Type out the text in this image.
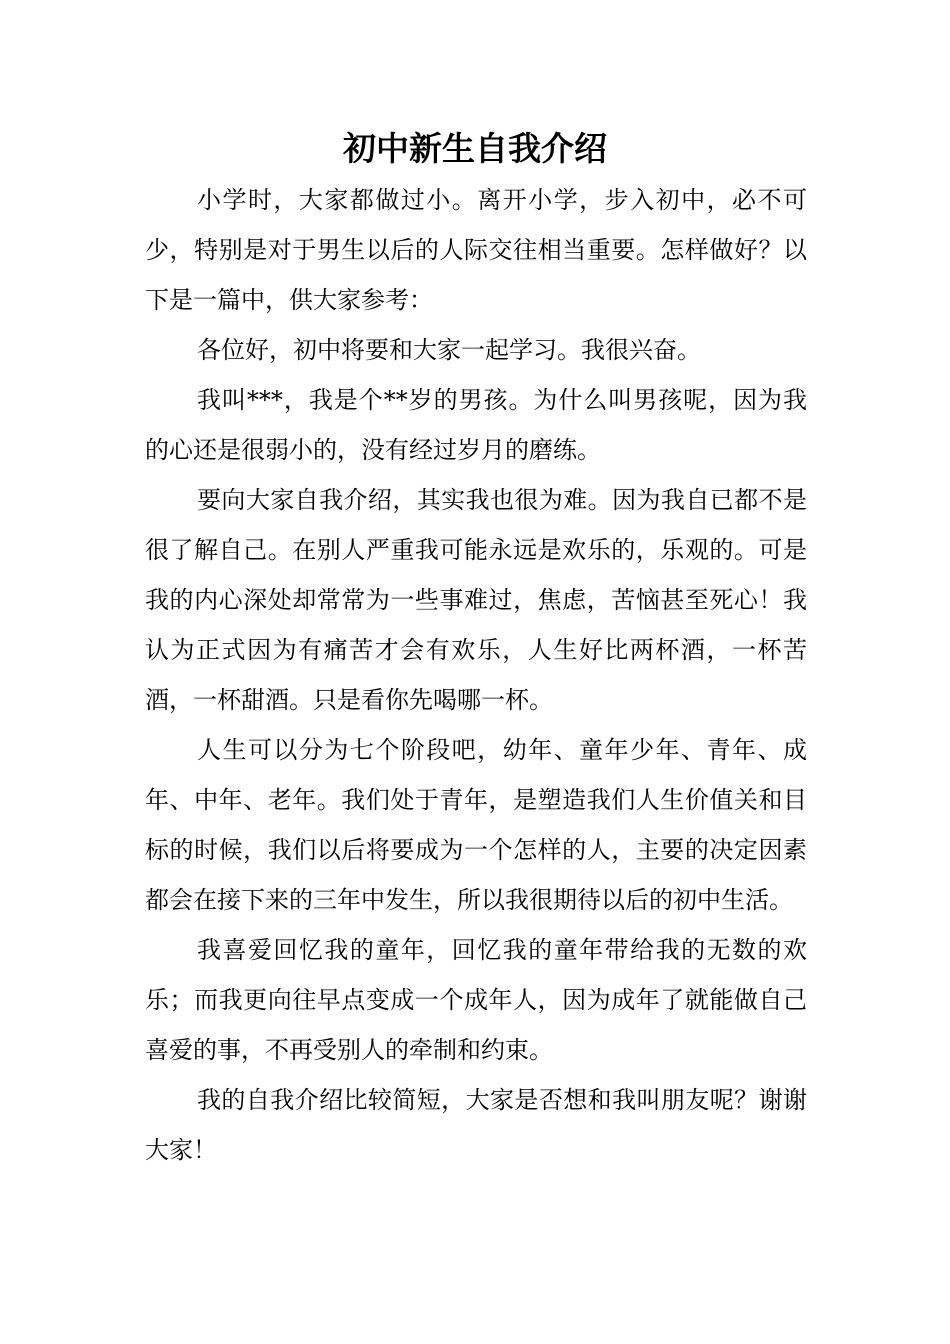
初中新生自我介绍

小学时，大家都做过小。离开小学，步入初中，必不可少，特别是对于男生以后的人际交往相当重要。怎样做好？以下是一篇中，供大家参考：

各位好，初中将要和大家一起学习。我很兴奋。

我叫***，我是个**岁的男孩。为什么叫男孩呢，因为我的心还是很弱小的，没有经过岁月的磨练。

要向大家自我介绍，其实我也很为难。因为我自已都不是很了解自己。在别人严重我可能永远是欢乐的，乐观的。可是我的内心深处却常常为一些事难过，焦虑，苦恼甚至死心！我认为正式因为有痛苦才会有欢乐，人生好比两杯酒，一杯苦酒，一杯甜酒。只是看你先喝哪一杯。

人生可以分为七个阶段吧，幼年、童年少年、青年、成年、中年、老年。我们处于青年，是塑造我们人生价值关和目标的时候，我们以后将要成为一个怎样的人，主要的决定因素都会在接下来的三年中发生，所以我很期待以后的初中生活。

我喜爱回忆我的童年，回忆我的童年带给我的无数的欢乐；而我更向往早点变成一个成年人，因为成年了就能做自己喜爱的事，不再受别人的牵制和约束。

我的自我介绍比较简短，大家是否想和我叫朋友呢？谢谢大家！
